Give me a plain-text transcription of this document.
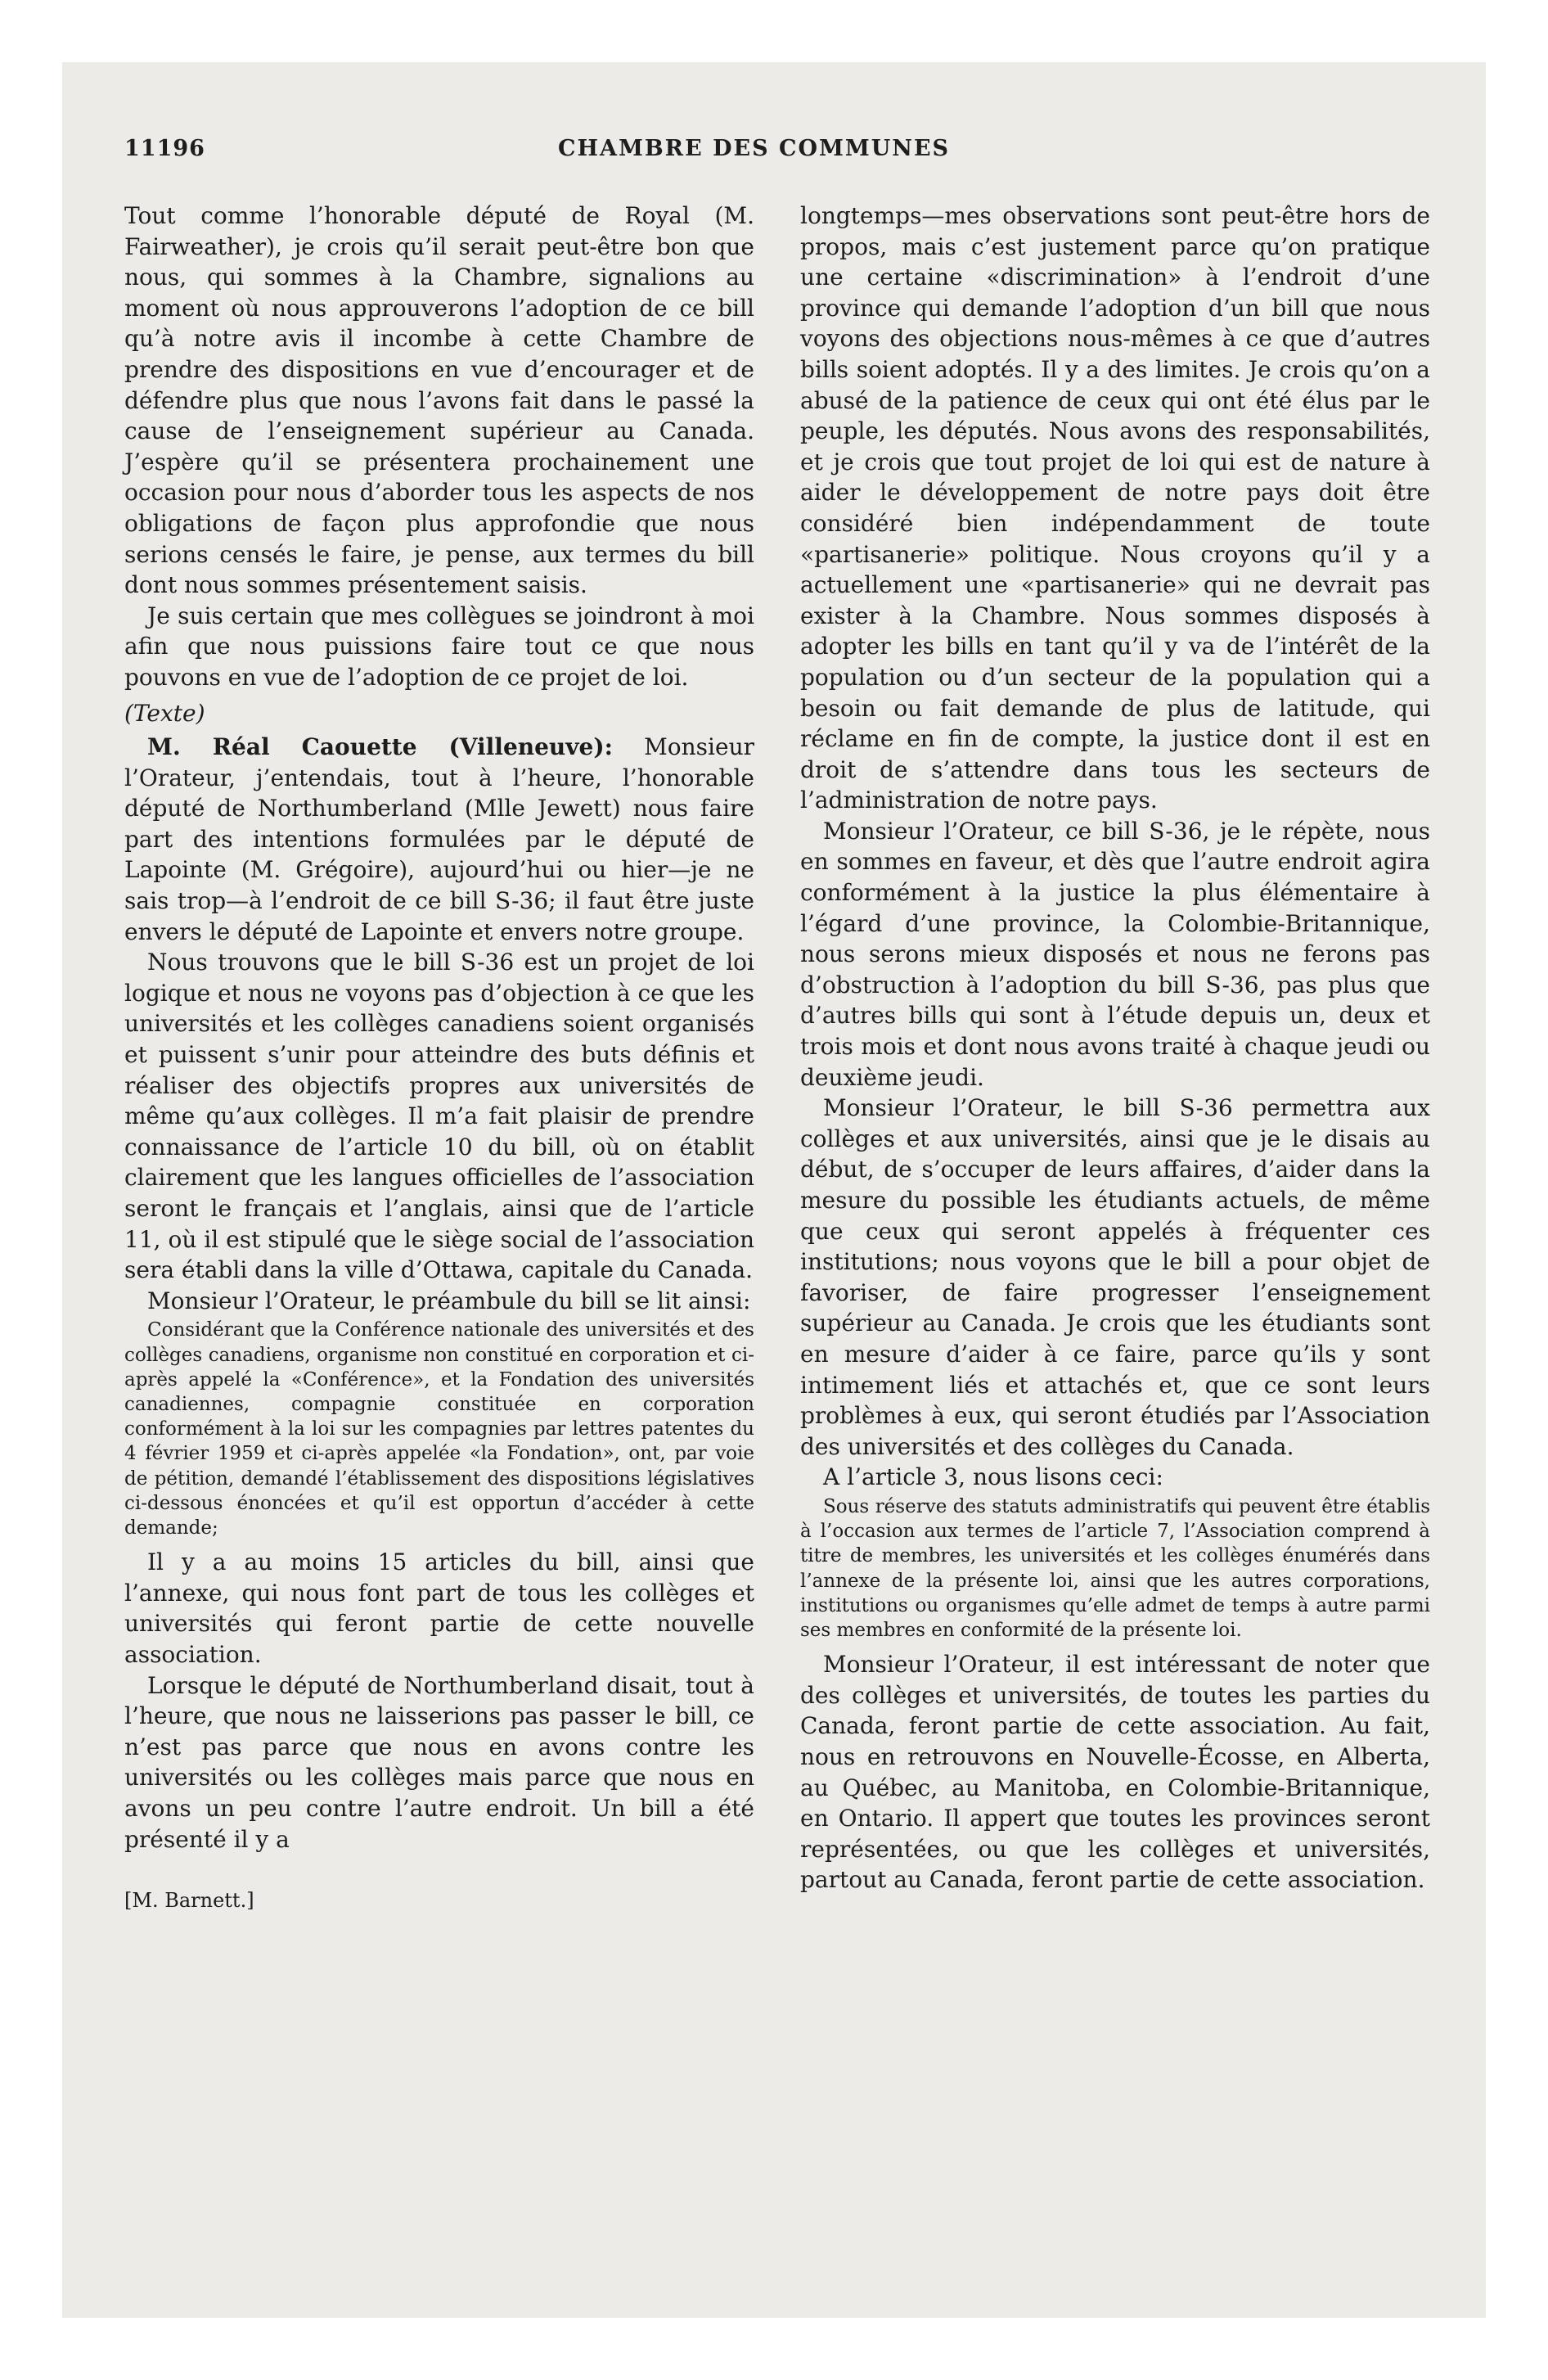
11196	CHAMBRE DES COMMUNES

Tout comme l’honorable député de Royal (M. Fairweather), je crois qu’il serait peut-être bon que nous, qui sommes à la Chambre, signalions au moment où nous approuverons l’adoption de ce bill qu’à notre avis il incombe à cette Chambre de prendre des dispositions en vue d’encourager et de défendre plus que nous l’avons fait dans le passé la cause de l’enseignement supérieur au Canada. J’espère qu’il se présentera prochainement une occasion pour nous d’aborder tous les aspects de nos obligations de façon plus approfondie que nous serions censés le faire, je pense, aux termes du bill dont nous sommes présentement saisis.

Je suis certain que mes collègues se joindront à moi afin que nous puissions faire tout ce que nous pouvons en vue de l’adoption de ce projet de loi.

(Texte)

M. Réal Caouette (Villeneuve): Monsieur l’Orateur, j’entendais, tout à l’heure, l’honorable député de Northumberland (Mlle Jewett) nous faire part des intentions formulées par le député de Lapointe (M. Grégoire), aujourd’hui ou hier—je ne sais trop—à l’endroit de ce bill S-36; il faut être juste envers le député de Lapointe et envers notre groupe.

Nous trouvons que le bill S-36 est un projet de loi logique et nous ne voyons pas d’objection à ce que les universités et les collèges canadiens soient organisés et puissent s’unir pour atteindre des buts définis et réaliser des objectifs propres aux universités de même qu’aux collèges. Il m’a fait plaisir de prendre connaissance de l’article 10 du bill, où on établit clairement que les langues officielles de l’association seront le français et l’anglais, ainsi que de l’article 11, où il est stipulé que le siège social de l’association sera établi dans la ville d’Ottawa, capitale du Canada.

Monsieur l’Orateur, le préambule du bill se lit ainsi:

Considérant que la Conférence nationale des universités et des collèges canadiens, organisme non constitué en corporation et ci-après appelé la «Conférence», et la Fondation des universités canadiennes, compagnie constituée en corporation conformément à la loi sur les compagnies par lettres patentes du 4 février 1959 et ci-après appelée «la Fondation», ont, par voie de pétition, demandé l’établissement des dispositions législatives ci-dessous énoncées et qu’il est opportun d’accéder à cette demande;

Il y a au moins 15 articles du bill, ainsi que l’annexe, qui nous font part de tous les collèges et universités qui feront partie de cette nouvelle association.

Lorsque le député de Northumberland disait, tout à l’heure, que nous ne laisserions pas passer le bill, ce n’est pas parce que nous en avons contre les universités ou les collèges mais parce que nous en avons un peu contre l’autre endroit. Un bill a été présenté il y a

[M. Barnett.]

longtemps—mes observations sont peut-être hors de propos, mais c’est justement parce qu’on pratique une certaine «discrimination» à l’endroit d’une province qui demande l’adoption d’un bill que nous voyons des objections nous-mêmes à ce que d’autres bills soient adoptés. Il y a des limites. Je crois qu’on a abusé de la patience de ceux qui ont été élus par le peuple, les députés. Nous avons des responsabilités, et je crois que tout projet de loi qui est de nature à aider le développement de notre pays doit être considéré bien indépendamment de toute «partisanerie» politique. Nous croyons qu’il y a actuellement une «partisanerie» qui ne devrait pas exister à la Chambre. Nous sommes disposés à adopter les bills en tant qu’il y va de l’intérêt de la population ou d’un secteur de la population qui a besoin ou fait demande de plus de latitude, qui réclame en fin de compte, la justice dont il est en droit de s’attendre dans tous les secteurs de l’administration de notre pays.

Monsieur l’Orateur, ce bill S-36, je le répète, nous en sommes en faveur, et dès que l’autre endroit agira conformément à la justice la plus élémentaire à l’égard d’une province, la Colombie-Britannique, nous serons mieux disposés et nous ne ferons pas d’obstruction à l’adoption du bill S-36, pas plus que d’autres bills qui sont à l’étude depuis un, deux et trois mois et dont nous avons traité à chaque jeudi ou deuxième jeudi.

Monsieur l’Orateur, le bill S-36 permettra aux collèges et aux universités, ainsi que je le disais au début, de s’occuper de leurs affaires, d’aider dans la mesure du possible les étudiants actuels, de même que ceux qui seront appelés à fréquenter ces institutions; nous voyons que le bill a pour objet de favoriser, de faire progresser l’enseignement supérieur au Canada. Je crois que les étudiants sont en mesure d’aider à ce faire, parce qu’ils y sont intimement liés et attachés et, que ce sont leurs problèmes à eux, qui seront étudiés par l’Association des universités et des collèges du Canada.

A l’article 3, nous lisons ceci:

Sous réserve des statuts administratifs qui peuvent être établis à l’occasion aux termes de l’article 7, l’Association comprend à titre de membres, les universités et les collèges énumérés dans l’annexe de la présente loi, ainsi que les autres corporations, institutions ou organismes qu’elle admet de temps à autre parmi ses membres en conformité de la présente loi.

Monsieur l’Orateur, il est intéressant de noter que des collèges et universités, de toutes les parties du Canada, feront partie de cette association. Au fait, nous en retrouvons en Nouvelle-Écosse, en Alberta, au Québec, au Manitoba, en Colombie-Britannique, en Ontario. Il appert que toutes les provinces seront représentées, ou que les collèges et universités, partout au Canada, feront partie de cette association.
